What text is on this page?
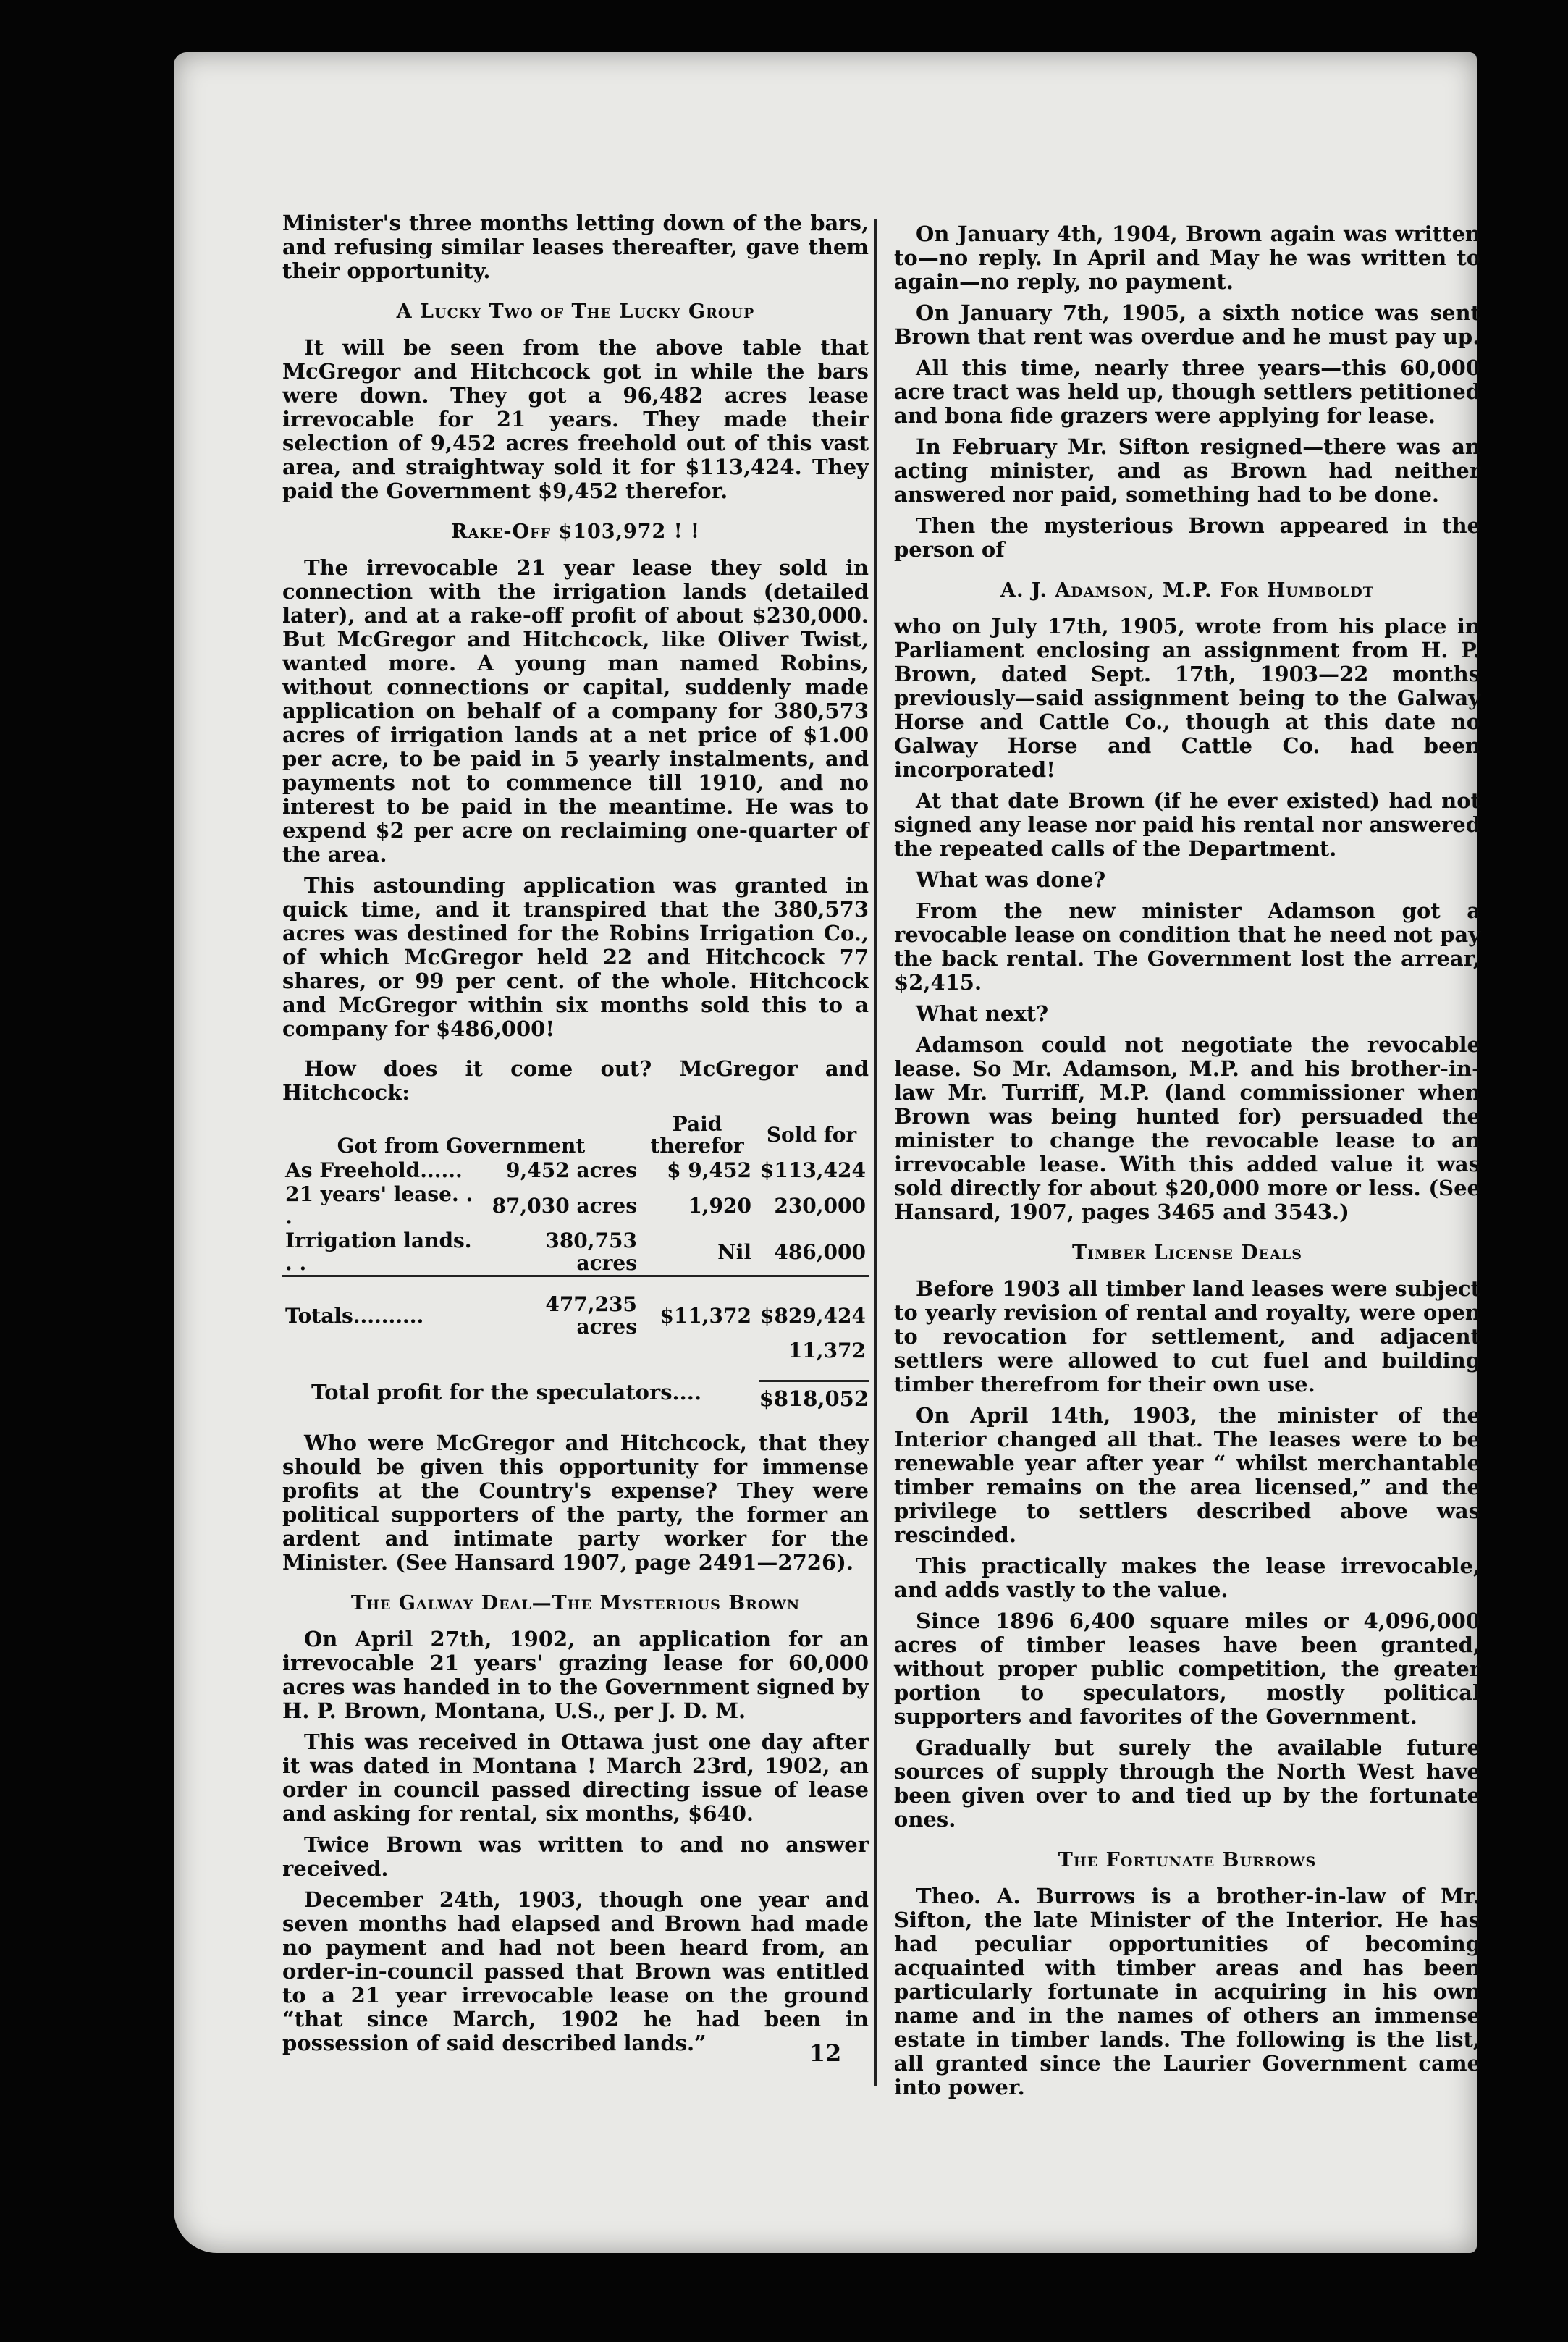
Minister's three months letting down of the bars, and refusing similar leases thereafter, gave them their opportunity.

A Lucky Two of The Lucky Group

It will be seen from the above table that McGregor and Hitchcock got in while the bars were down. They got a 96,482 acres lease irrevocable for 21 years. They made their selection of 9,452 acres freehold out of this vast area, and straightway sold it for $113,424. They paid the Government $9,452 therefor.

Rake-Off $103,972 ! !

The irrevocable 21 year lease they sold in connection with the irrigation lands (detailed later), and at a rake-off profit of about $230,000. But McGregor and Hitchcock, like Oliver Twist, wanted more. A young man named Robins, without connections or capital, suddenly made application on behalf of a company for 380,573 acres of irrigation lands at a net price of $1.00 per acre, to be paid in 5 yearly instalments, and payments not to commence till 1910, and no interest to be paid in the meantime. He was to expend $2 per acre on reclaiming one-quarter of the area.

This astounding application was granted in quick time, and it transpired that the 380,573 acres was destined for the Robins Irrigation Co., of which McGregor held 22 and Hitchcock 77 shares, or 99 per cent. of the whole. Hitchcock and McGregor within six months sold this to a company for $486,000!

How does it come out? McGregor and Hitchcock:

Got from Government		Paid therefor	Sold for
As Freehold......	9,452 acres	$ 9,452	$113,424
21 years' lease. . .	87,030 acres	1,920	230,000
Irrigation lands. . .	380,753 acres	Nil	486,000
Totals..........	477,235 acres	$11,372	$829,424
			11,372
Total profit for the speculators....	$818,052

Who were McGregor and Hitchcock, that they should be given this opportunity for immense profits at the Country's expense? They were political supporters of the party, the former an ardent and intimate party worker for the Minister. (See Hansard 1907, page 2491—2726).

The Galway Deal—The Mysterious Brown

On April 27th, 1902, an application for an irrevocable 21 years' grazing lease for 60,000 acres was handed in to the Government signed by H. P. Brown, Montana, U.S., per J. D. M.

This was received in Ottawa just one day after it was dated in Montana ! March 23rd, 1902, an order in council passed directing issue of lease and asking for rental, six months, $640.

Twice Brown was written to and no answer received.

December 24th, 1903, though one year and seven months had elapsed and Brown had made no payment and had not been heard from, an order-in-council passed that Brown was entitled to a 21 year irrevocable lease on the ground “that since March, 1902 he had been in possession of said described lands.”

On January 4th, 1904, Brown again was written to—no reply. In April and May he was written to again—no reply, no payment.

On January 7th, 1905, a sixth notice was sent Brown that rent was overdue and he must pay up.

All this time, nearly three years—this 60,000 acre tract was held up, though settlers petitioned and bona fide grazers were applying for lease.

In February Mr. Sifton resigned—there was an acting minister, and as Brown had neither answered nor paid, something had to be done.

Then the mysterious Brown appeared in the person of

A. J. Adamson, M.P. For Humboldt

who on July 17th, 1905, wrote from his place in Parliament enclosing an assignment from H. P. Brown, dated Sept. 17th, 1903—22 months previously—said assignment being to the Galway Horse and Cattle Co., though at this date no Galway Horse and Cattle Co. had been incorporated!

At that date Brown (if he ever existed) had not signed any lease nor paid his rental nor answered the repeated calls of the Department.

What was done?

From the new minister Adamson got a revocable lease on condition that he need not pay the back rental. The Government lost the arrear, $2,415.

What next?

Adamson could not negotiate the revocable lease. So Mr. Adamson, M.P. and his brother-in-law Mr. Turriff, M.P. (land commissioner when Brown was being hunted for) persuaded the minister to change the revocable lease to an irrevocable lease. With this added value it was sold directly for about $20,000 more or less. (See Hansard, 1907, pages 3465 and 3543.)

Timber License Deals

Before 1903 all timber land leases were subject to yearly revision of rental and royalty, were open to revocation for settlement, and adjacent settlers were allowed to cut fuel and building timber therefrom for their own use.

On April 14th, 1903, the minister of the Interior changed all that. The leases were to be renewable year after year “ whilst merchantable timber remains on the area licensed,” and the privilege to settlers described above was rescinded.

This practically makes the lease irrevocable, and adds vastly to the value.

Since 1896 6,400 square miles or 4,096,000 acres of timber leases have been granted, without proper public competition, the greater portion to speculators, mostly political supporters and favorites of the Government.

Gradually but surely the available future sources of supply through the North West have been given over to and tied up by the fortunate ones.

The Fortunate Burrows

Theo. A. Burrows is a brother-in-law of Mr. Sifton, the late Minister of the Interior. He has had peculiar opportunities of becoming acquainted with timber areas and has been particularly fortunate in acquiring in his own name and in the names of others an immense estate in timber lands. The following is the list, all granted since the Laurier Government came into power.

12
